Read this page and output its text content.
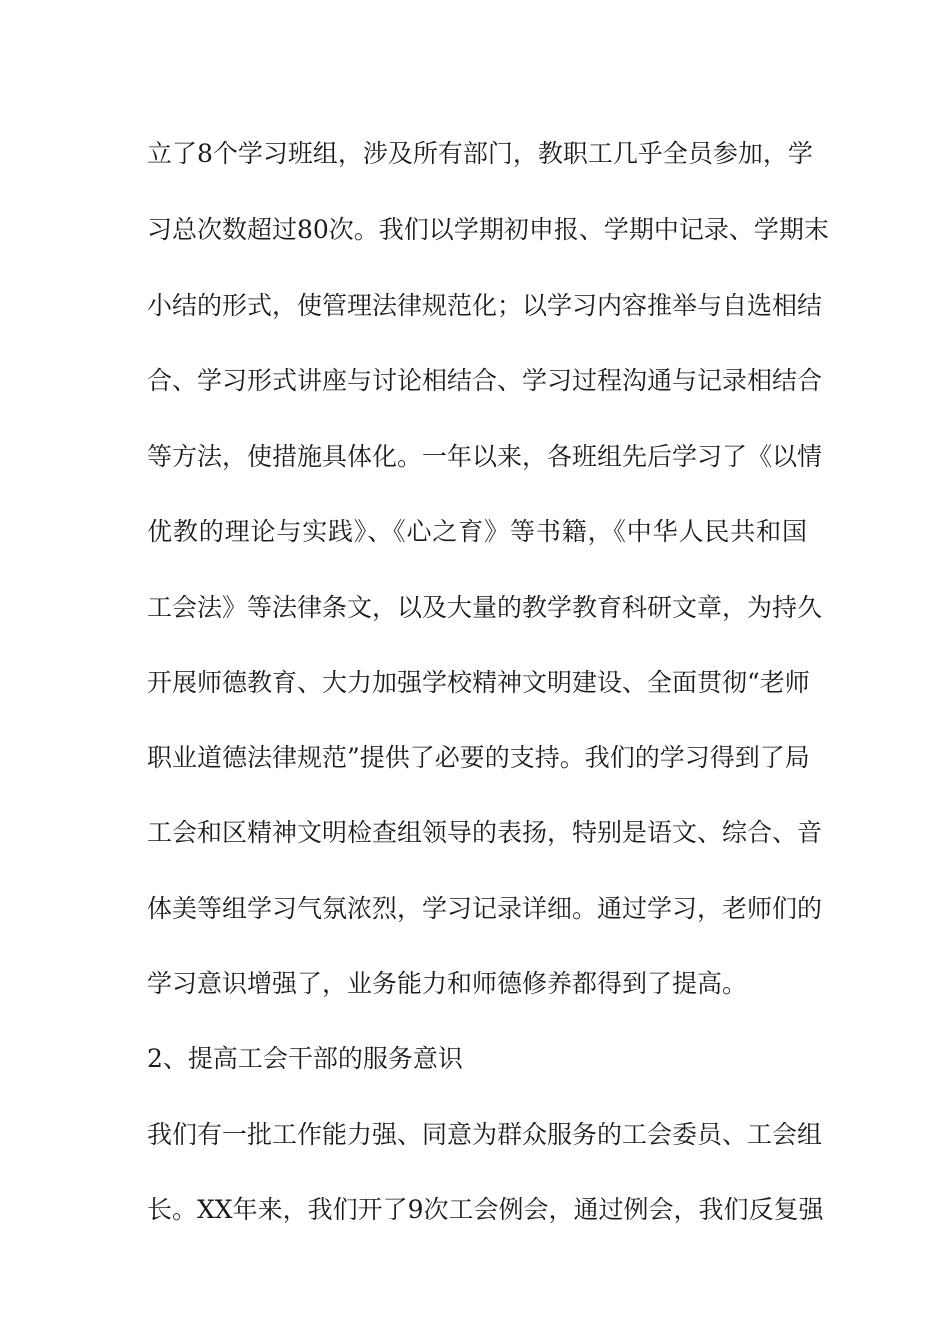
立了8个学习班组，涉及所有部门，教职工几乎全员参加，学
习总次数超过80次。我们以学期初申报、学期中记录、学期末
小结的形式，使管理法律规范化；以学习内容推举与自选相结
合、学习形式讲座与讨论相结合、学习过程沟通与记录相结合
等方法，使措施具体化。一年以来，各班组先后学习了《以情
优教的理论与实践》、《心之育》等书籍，《中华人民共和国
工会法》等法律条文，以及大量的教学教育科研文章，为持久
开展师德教育、大力加强学校精神文明建设、全面贯彻“老师
职业道德法律规范”提供了必要的支持。我们的学习得到了局
工会和区精神文明检查组领导的表扬，特别是语文、综合、音
体美等组学习气氛浓烈，学习记录详细。通过学习，老师们的
学习意识增强了，业务能力和师德修养都得到了提高。
2、提高工会干部的服务意识
我们有一批工作能力强、同意为群众服务的工会委员、工会组
长。XX年来，我们开了9次工会例会，通过例会，我们反复强
